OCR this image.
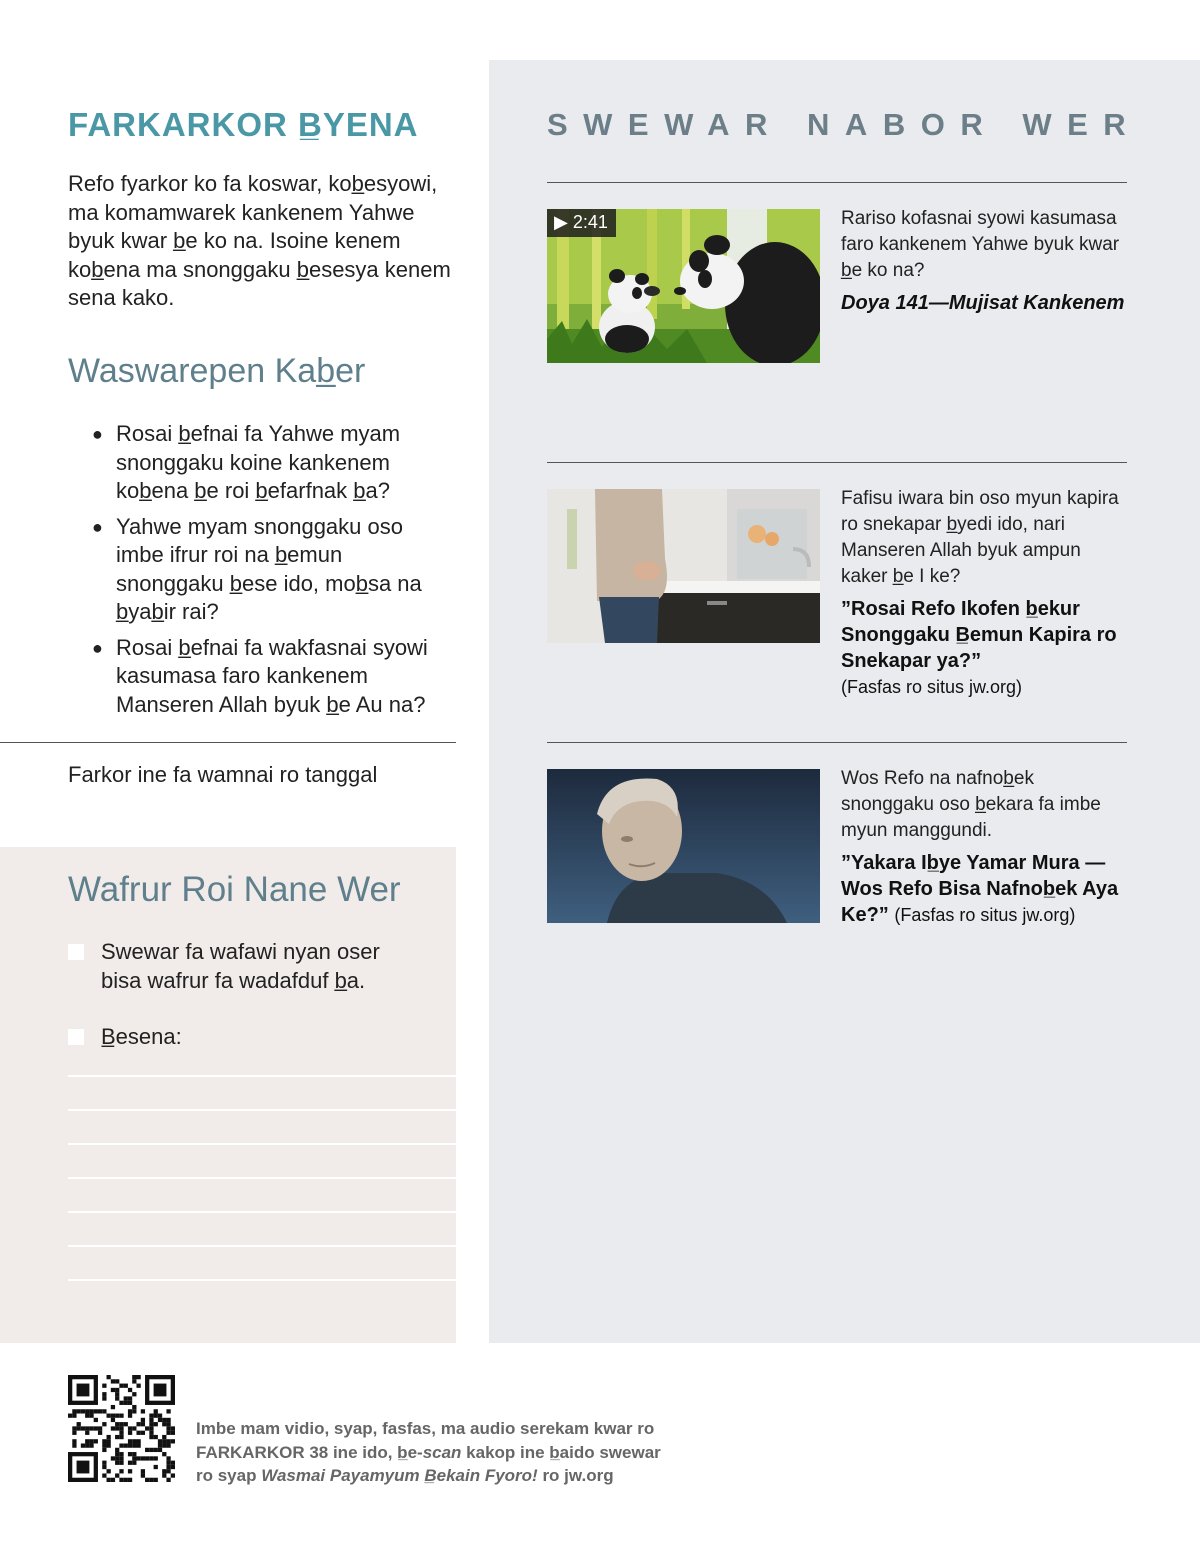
FARKARKOR B̲YENA

Refo fyarkor ko fa koswar, kob̲esyowi, ma komamwarek kankenem Yahwe byuk kwar b̲e ko na. Isoine kenem kob̲ena ma snonggaku b̲esesya kenem sena kako.

Waswarepen Kab̲er
● Rosai b̲efnai fa Yahwe myam snonggaku koine kankenem kob̲ena b̲e roi b̲efarfnak b̲a?
● Yahwe myam snonggaku oso imbe ifrur roi na b̲emun snonggaku b̲ese ido, mob̲sa na b̲yab̲ir rai?
● Rosai b̲efnai fa wakfasnai syowi kasumasa faro kankenem Manseren Allah byuk b̲e Au na?
Farkor ine fa wamnai ro tanggal
Wafrur Roi Nane Wer
Swewar fa wafawi nyan oser bisa wafrur fa wadafduf b̲a.
B̲esena:
SWEWAR NABOR WER
▶ 2:41	Rariso kofasnai syowi kasumasa faro kankenem Yahwe byuk kwar b̲e ko na?

Doya 141—Mujisat Kankenem

Fafisu iwara bin oso myun kapira ro snekapar b̲yedi ido, nari Manseren Allah byuk ampun kaker b̲e I ke?

”Rosai Refo Ikofen b̲ekur Snonggaku B̲emun Kapira ro Snekapar ya?”
(Fasfas ro situs jw.org)

Wos Refo na nafnob̲ek snonggaku oso b̲ekara fa imbe myun manggundi.

”Yakara Ib̲ye Yamar Mura —Wos Refo Bisa Nafnob̲ek Aya Ke?” (Fasfas ro situs jw.org)

Imbe mam vidio, syap, fasfas, ma audio serekam kwar ro
FARKARKOR 38 ine ido, b̲e-scan kakop ine b̲aido swewar
ro syap Wasmai Payamyum B̲ekain Fyoro! ro jw.org
